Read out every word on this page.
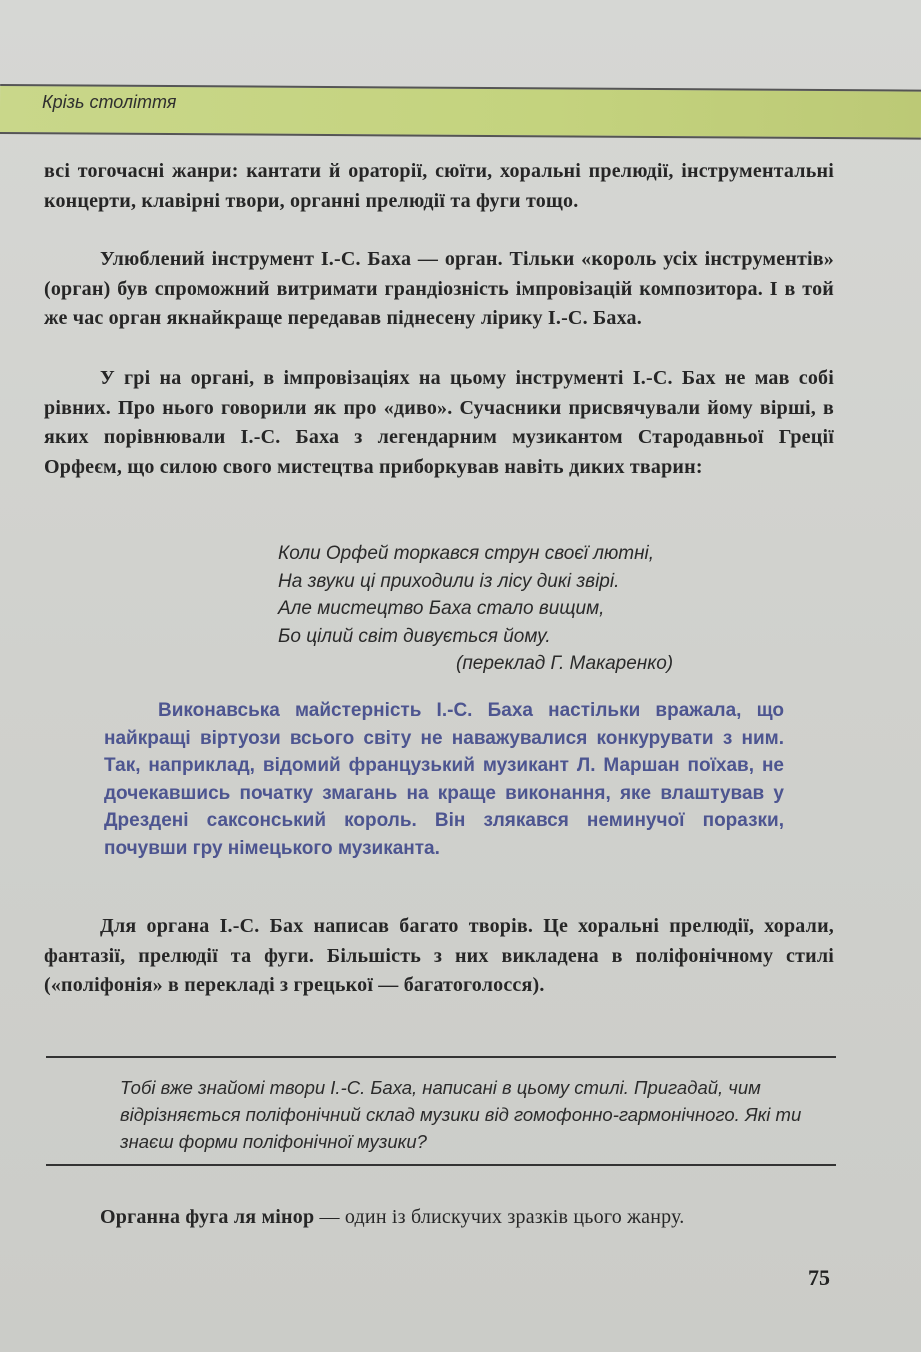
Крізь століття

всі тогочасні жанри: кантати й ораторії, сюїти, хоральні прелюдії, інструментальні концерти, клавірні твори, органні прелюдії та фуги тощо.

Улюблений інструмент І.-С. Баха — орган. Тільки «король усіх інструментів» (орган) був спроможний витримати грандіозність імпровізацій композитора. І в той же час орган якнайкраще передавав піднесену лірику І.-С. Баха.

У грі на органі, в імпровізаціях на цьому інструменті І.-С. Бах не мав собі рівних. Про нього говорили як про «диво». Сучасники присвячували йому вірші, в яких порівнювали І.-С. Баха з легендарним музикантом Стародавньої Греції Орфеєм, що силою свого мистецтва приборкував навіть диких тварин:

Коли Орфей торкався струн своєї лютні,
На звуки ці приходили із лісу дикі звірі.
Але мистецтво Баха стало вищим,
Бо цілий світ дивується йому.
(переклад Г. Макаренко)

Виконавська майстерність І.-С. Баха настільки вражала, що найкращі віртуози всього світу не наважувалися конкурувати з ним. Так, наприклад, відомий французький музикант Л. Маршан поїхав, не дочекавшись початку змагань на краще виконання, яке влаштував у Дрездені саксонський король. Він злякався неминучої поразки, почувши гру німецького музиканта.

Для органа І.-С. Бах написав багато творів. Це хоральні прелюдії, хорали, фантазії, прелюдії та фуги. Більшість з них викладена в поліфонічному стилі («поліфонія» в перекладі з грецької — багатоголосся).

Тобі вже знайомі твори І.-С. Баха, написані в цьому стилі. Пригадай, чим відрізняється поліфонічний склад музики від гомофонно-гармонічного. Які ти знаєш форми поліфонічної музики?

Органна фуга ля мінор — один із блискучих зразків цього жанру.

75
